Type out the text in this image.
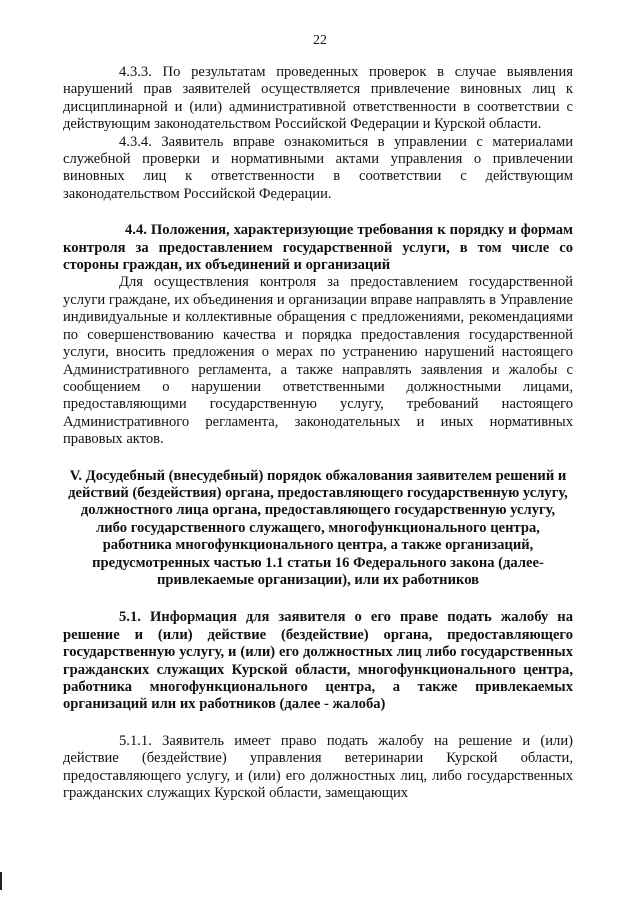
22

4.3.3. По результатам проведенных проверок в случае выявления нарушений прав заявителей осуществляется привлечение виновных лиц к дисциплинарной и (или) административной ответственности в соответствии с действующим законодательством Российской Федерации и Курской области.

4.3.4. Заявитель вправе ознакомиться в управлении с материалами служебной проверки и нормативными актами управления о привлечении виновных лиц к ответственности в соответствии с действующим законодательством Российской Федерации.

4.4. Положения, характеризующие требования к порядку и формам контроля за предоставлением государственной услуги, в том числе со стороны граждан, их объединений и организаций

Для осуществления контроля за предоставлением государственной услуги граждане, их объединения и организации вправе направлять в Управление индивидуальные и коллективные обращения с предложениями, рекомендациями по совершенствованию качества и порядка предоставления государственной услуги, вносить предложения о мерах по устранению нарушений настоящего Административного регламента, а также направлять заявления и жалобы с сообщением о нарушении ответственными должностными лицами, предоставляющими государственную услугу, требований настоящего Административного регламента, законодательных и иных нормативных правовых актов.

V. Досудебный (внесудебный) порядок обжалования заявителем решений и действий (бездействия) органа, предоставляющего государственную услугу, должностного лица органа, предоставляющего государственную услугу, либо государственного служащего, многофункционального центра, работника многофункционального центра, а также организаций, предусмотренных частью 1.1 статьи 16 Федерального закона (далее- привлекаемые организации), или их работников

5.1. Информация для заявителя о его праве подать жалобу на решение и (или) действие (бездействие) органа, предоставляющего государственную услугу, и (или) его должностных лиц либо государственных гражданских служащих Курской области, многофункционального центра, работника многофункционального центра, а также привлекаемых организаций или их работников (далее - жалоба)

5.1.1. Заявитель имеет право подать жалобу на решение и (или) действие (бездействие) управления ветеринарии Курской области, предоставляющего услугу, и (или) его должностных лиц, либо государственных гражданских служащих Курской области, замещающих
